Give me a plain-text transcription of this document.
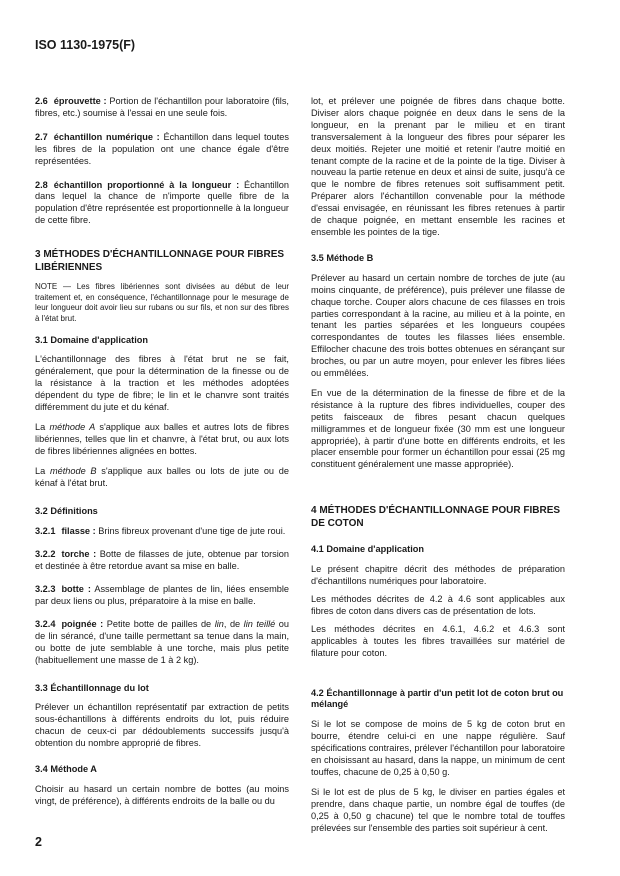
ISO 1130-1975(F)
2.6 éprouvette : Portion de l'échantillon pour laboratoire (fils, fibres, etc.) soumise à l'essai en une seule fois.
2.7 échantillon numérique : Échantillon dans lequel toutes les fibres de la population ont une chance égale d'être représentées.
2.8 échantillon proportionné à la longueur : Échantillon dans lequel la chance de n'importe quelle fibre de la population d'être représentée est proportionnelle à la longueur de cette fibre.
3 MÉTHODES D'ÉCHANTILLONNAGE POUR FIBRES LIBÉRIENNES
NOTE — Les fibres libériennes sont divisées au début de leur traitement et, en conséquence, l'échantillonnage pour le mesurage de leur longueur doit avoir lieu sur rubans ou sur fils, et non sur des fibres à l'état brut.
3.1 Domaine d'application
L'échantillonnage des fibres à l'état brut ne se fait, généralement, que pour la détermination de la finesse ou de la résistance à la traction et les méthodes adoptées dépendent du type de fibre; le lin et le chanvre sont traités différemment du jute et du kénaf.
La méthode A s'applique aux balles et autres lots de fibres libériennes, telles que lin et chanvre, à l'état brut, ou aux lots de fibres libériennes alignées en bottes.
La méthode B s'applique aux balles ou lots de jute ou de kénaf à l'état brut.
3.2 Définitions
3.2.1 filasse : Brins fibreux provenant d'une tige de jute roui.
3.2.2 torche : Botte de filasses de jute, obtenue par torsion et destinée à être retordue avant sa mise en balle.
3.2.3 botte : Assemblage de plantes de lin, liées ensemble par deux liens ou plus, préparatoire à la mise en balle.
3.2.4 poignée : Petite botte de pailles de lin, de lin teillé ou de lin sérancé, d'une taille permettant sa tenue dans la main, ou botte de jute semblable à une torche, mais plus petite (habituellement une masse de 1 à 2 kg).
3.3 Échantillonnage du lot
Prélever un échantillon représentatif par extraction de petits sous-échantillons à différents endroits du lot, puis réduire chacun de ceux-ci par dédoublements successifs jusqu'à obtention du nombre approprié de fibres.
3.4 Méthode A
Choisir au hasard un certain nombre de bottes (au moins vingt, de préférence), à différents endroits de la balle ou du
lot, et prélever une poignée de fibres dans chaque botte. Diviser alors chaque poignée en deux dans le sens de la longueur, en la prenant par le milieu et en tirant transversalement à la longueur des fibres pour séparer les deux moitiés. Rejeter une moitié et retenir l'autre moitié en tenant compte de la racine et de la pointe de la tige. Diviser à nouveau la partie retenue en deux et ainsi de suite, jusqu'à ce que le nombre de fibres retenues soit suffisamment petit. Préparer alors l'échantillon convenable pour la méthode d'essai envisagée, en réunissant les fibres retenues à partir de chaque poignée, en mettant ensemble les racines et ensemble les pointes de la tige.
3.5 Méthode B
Prélever au hasard un certain nombre de torches de jute (au moins cinquante, de préférence), puis prélever une filasse de chaque torche. Couper alors chacune de ces filasses en trois parties correspondant à la racine, au milieu et à la pointe, en tenant les parties séparées et les longueurs coupées correspondantes de toutes les filasses liées ensemble. Effilocher chacune des trois bottes obtenues en sérançant sur broches, ou par un autre moyen, pour enlever les fibres liées ou emmêlées.
En vue de la détermination de la finesse de fibre et de la résistance à la rupture des fibres individuelles, couper des petits faisceaux de fibres pesant chacun quelques milligrammes et de longueur fixée (30 mm est une longueur appropriée), à partir d'une botte en différents endroits, et les placer ensemble pour former un échantillon pour essai (25 mg constituent généralement une masse appropriée).
4 MÉTHODES D'ÉCHANTILLONNAGE POUR FIBRES DE COTON
4.1 Domaine d'application
Le présent chapitre décrit des méthodes de préparation d'échantillons numériques pour laboratoire.
Les méthodes décrites de 4.2 à 4.6 sont applicables aux fibres de coton dans divers cas de présentation de lots.
Les méthodes décrites en 4.6.1, 4.6.2 et 4.6.3 sont applicables à toutes les fibres travaillées sur matériel de filature pour coton.
4.2 Échantillonnage à partir d'un petit lot de coton brut ou mélangé
Si le lot se compose de moins de 5 kg de coton brut en bourre, étendre celui-ci en une nappe régulière. Sauf spécifications contraires, prélever l'échantillon pour laboratoire en choisissant au hasard, dans la nappe, un minimum de cent touffes, chacune de 0,25 à 0,50 g.
Si le lot est de plus de 5 kg, le diviser en parties égales et prendre, dans chaque partie, un nombre égal de touffes (de 0,25 à 0,50 g chacune) tel que le nombre total de touffes prélevées sur l'ensemble des parties soit supérieur à cent.
2
